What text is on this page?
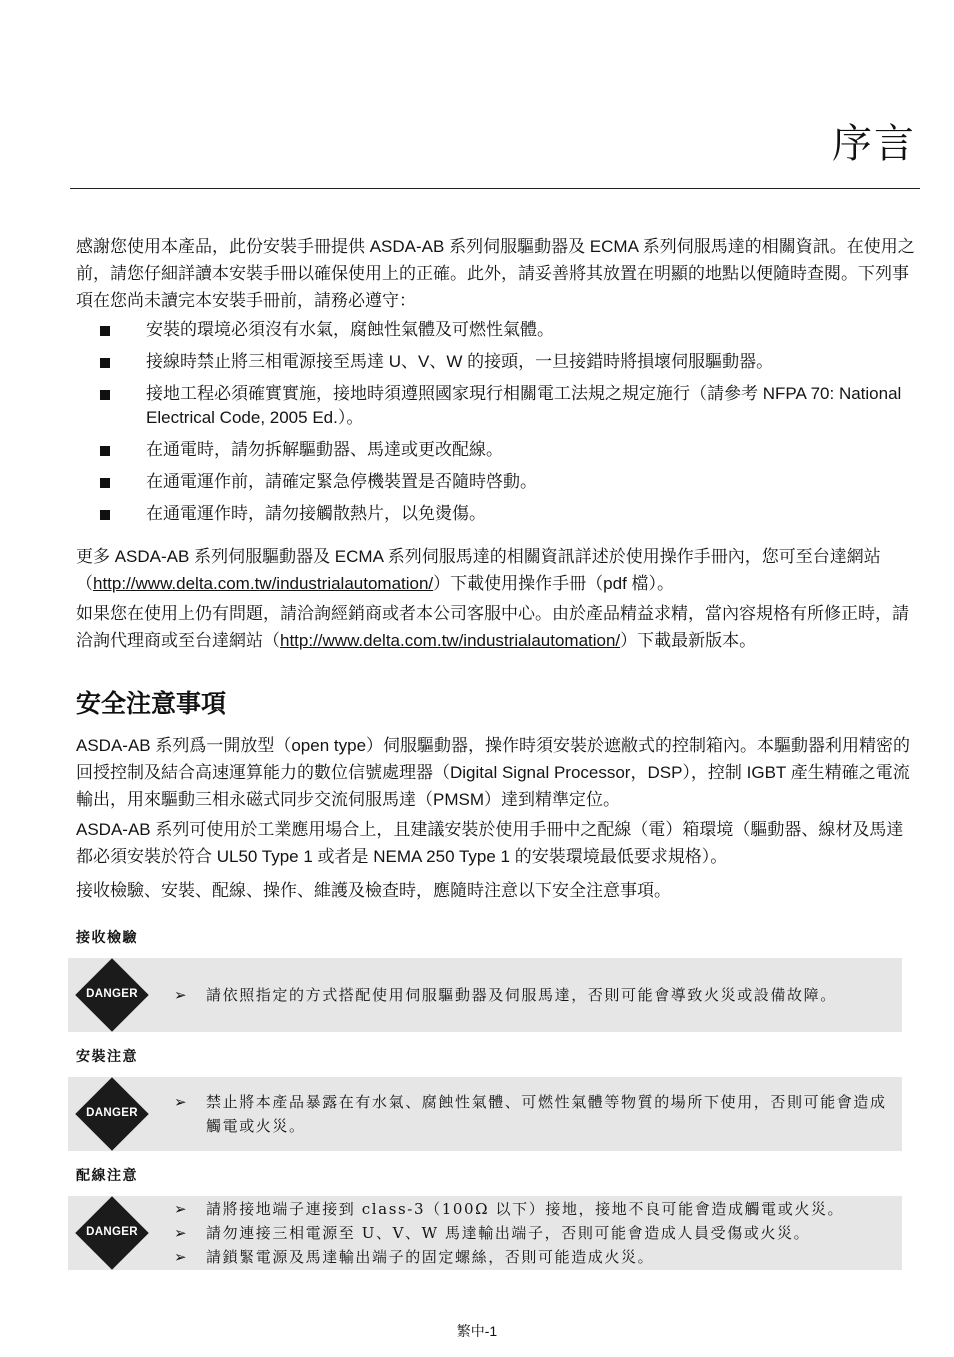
序言

感謝您使用本產品，此份安裝手冊提供 ASDA-AB 系列伺服驅動器及 ECMA 系列伺服馬達的相關資訊。在使用之前，請您仔細詳讀本安裝手冊以確保使用上的正確。此外，請妥善將其放置在明顯的地點以便隨時查閱。下列事項在您尚未讀完本安裝手冊前，請務必遵守：

安裝的環境必須沒有水氣，腐蝕性氣體及可燃性氣體。
接線時禁止將三相電源接至馬達 U、V、W 的接頭，一旦接錯時將損壞伺服驅動器。
接地工程必須確實實施，接地時須遵照國家現行相關電工法規之規定施行（請參考 NFPA 70: National Electrical Code, 2005 Ed.）。
在通電時，請勿拆解驅動器、馬達或更改配線。
在通電運作前，請確定緊急停機裝置是否隨時啓動。
在通電運作時，請勿接觸散熱片，以免燙傷。

更多 ASDA-AB 系列伺服驅動器及 ECMA 系列伺服馬達的相關資訊詳述於使用操作手冊內，您可至台達網站（http://www.delta.com.tw/industrialautomation/）下載使用操作手冊（pdf 檔）。

如果您在使用上仍有問題，請洽詢經銷商或者本公司客服中心。由於產品精益求精，當內容規格有所修正時，請洽詢代理商或至台達網站（http://www.delta.com.tw/industrialautomation/）下載最新版本。

安全注意事項

ASDA-AB 系列爲一開放型（open type）伺服驅動器，操作時須安裝於遮敝式的控制箱內。本驅動器利用精密的回授控制及結合高速運算能力的數位信號處理器（Digital Signal Processor，DSP），控制 IGBT 產生精確之電流輸出，用來驅動三相永磁式同步交流伺服馬達（PMSM）達到精準定位。

ASDA-AB 系列可使用於工業應用場合上，且建議安裝於使用手冊中之配線（電）箱環境（驅動器、線材及馬達都必須安裝於符合 UL50 Type 1 或者是 NEMA 250 Type 1 的安裝環境最低要求規格）。

接收檢驗、安裝、配線、操作、維護及檢查時，應隨時注意以下安全注意事項。

接收檢驗
DANGER	➢ 請依照指定的方式搭配使用伺服驅動器及伺服馬達，否則可能會導致火災或設備故障。
安裝注意
DANGER
➢ 禁止將本產品暴露在有水氣、腐蝕性氣體、可燃性氣體等物質的場所下使用，否則可能會造成觸電或火災。
配線注意
DANGER
➢ 請將接地端子連接到 class-3（100Ω 以下）接地，接地不良可能會造成觸電或火災。
➢ 請勿連接三相電源至 U、V、W 馬達輸出端子，否則可能會造成人員受傷或火災。
➢ 請鎖緊電源及馬達輸出端子的固定螺絲，否則可能造成火災。
繁中-1
